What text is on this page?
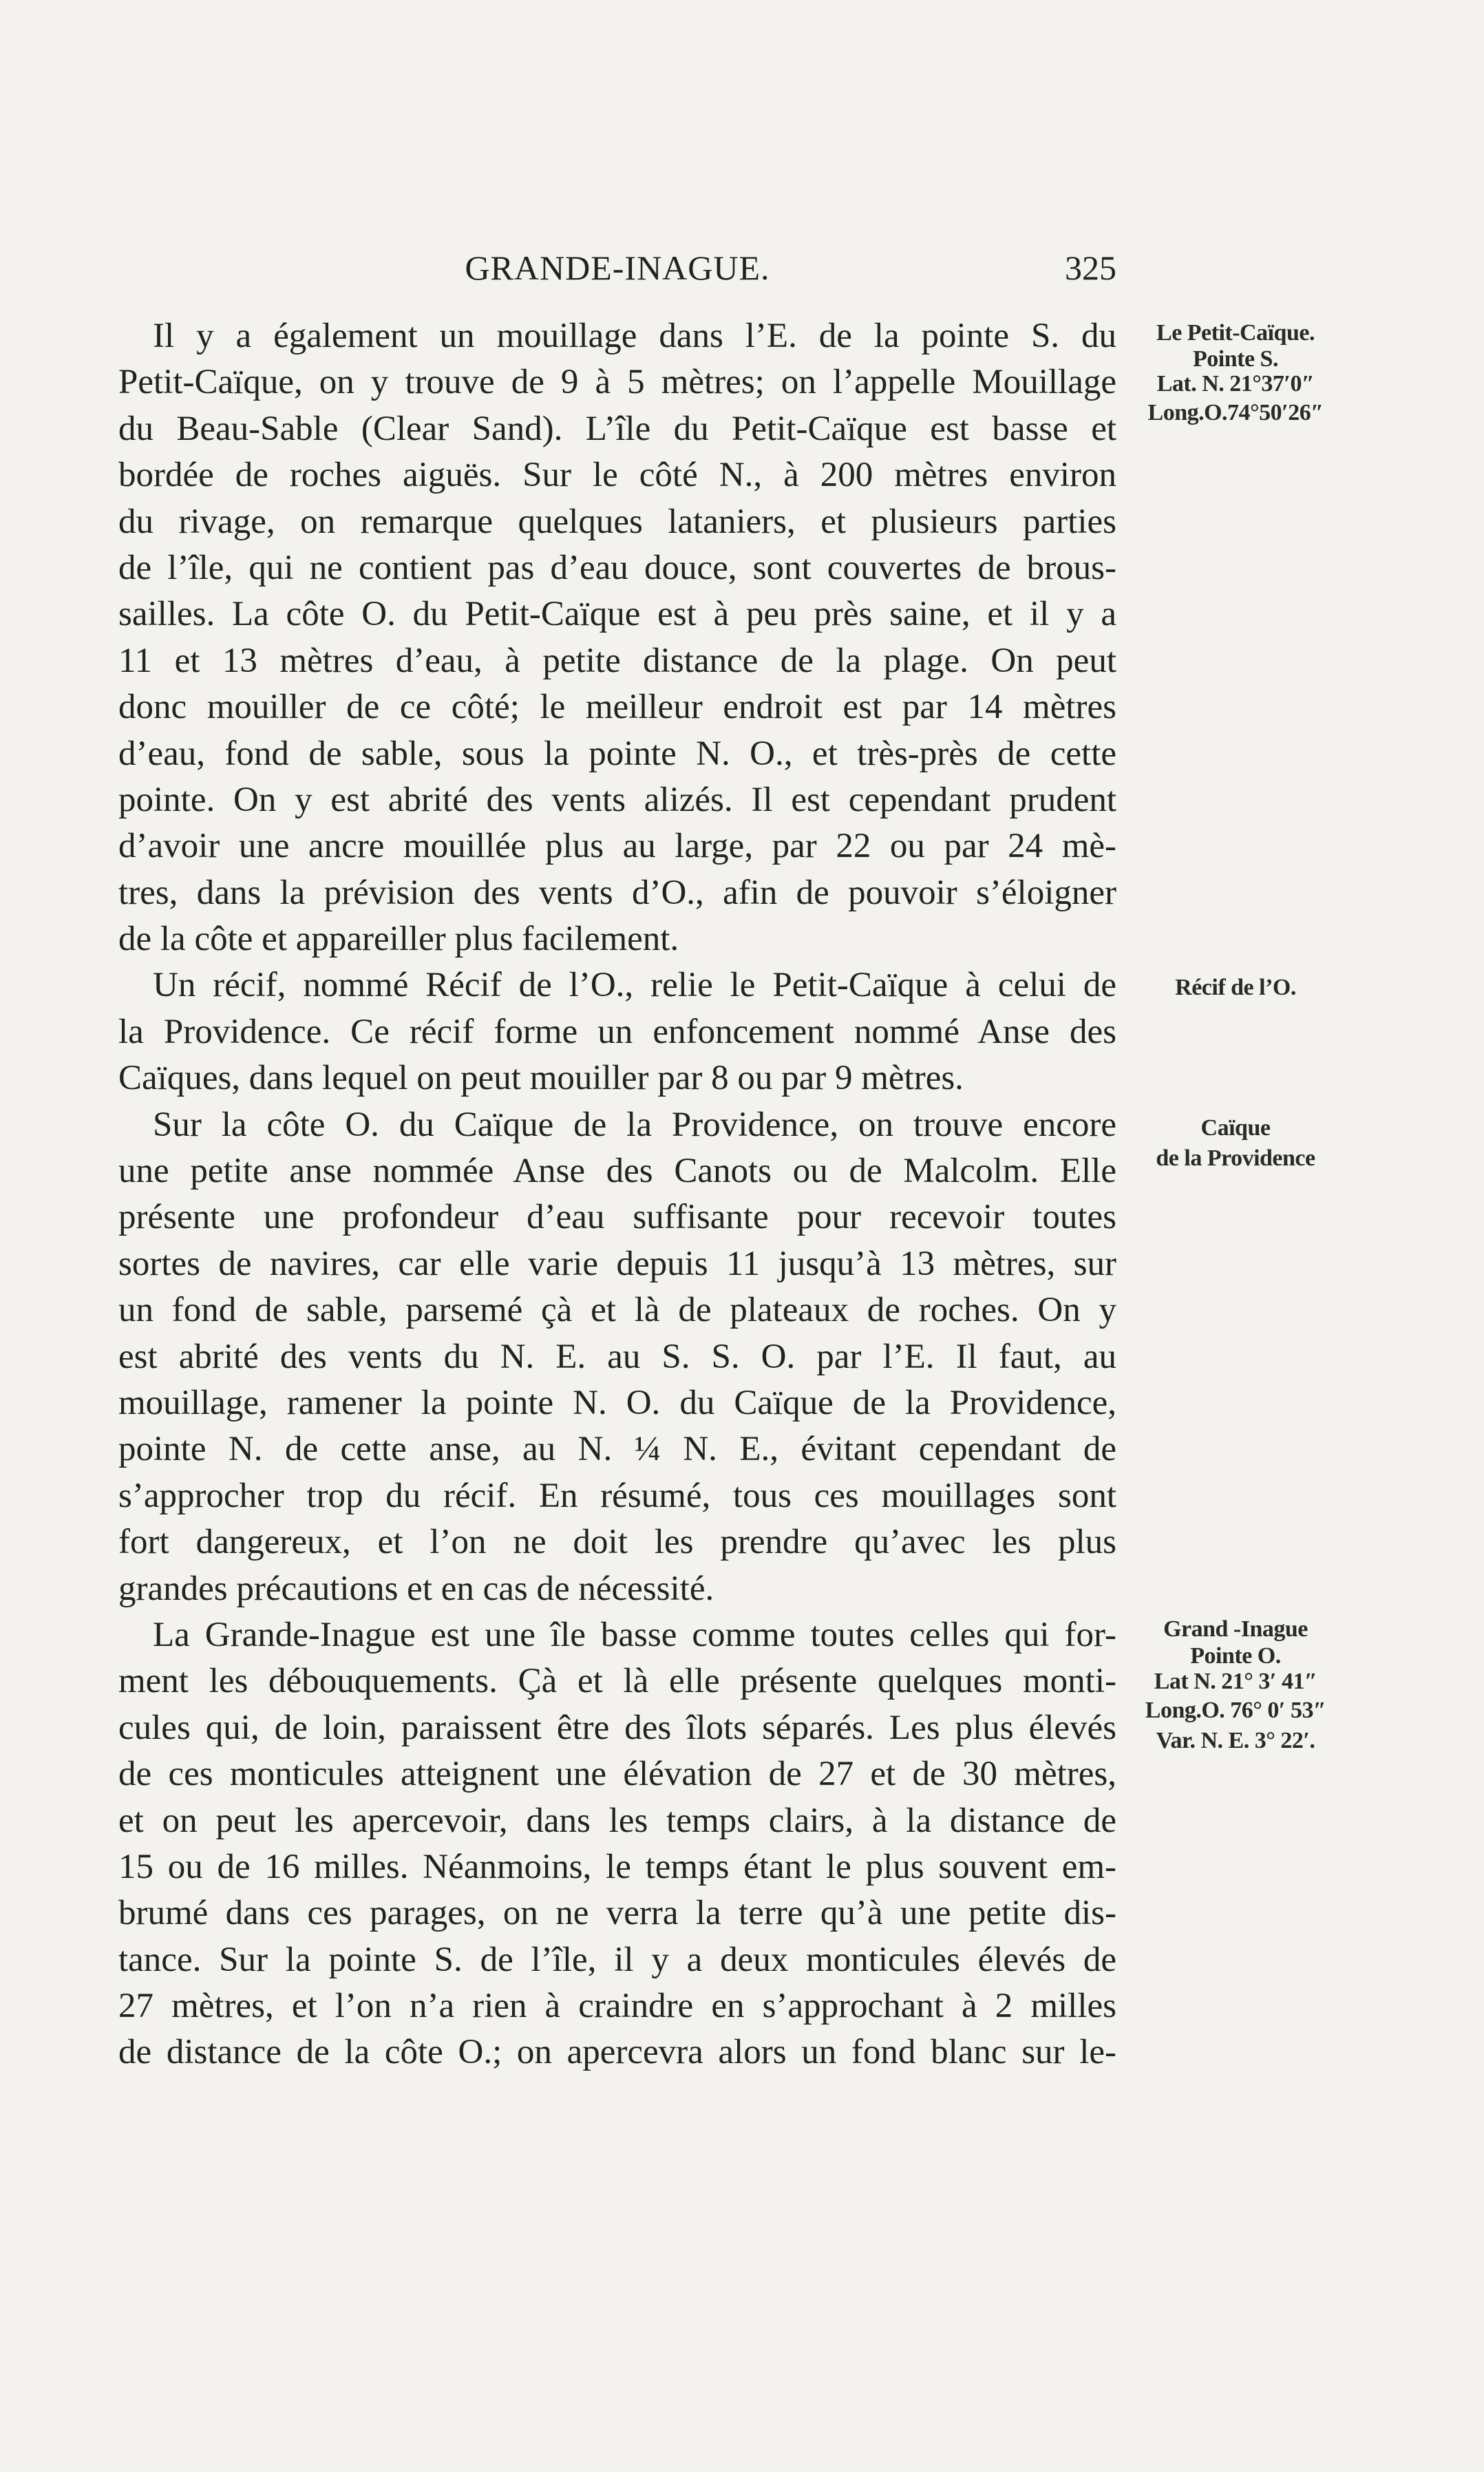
GRANDE-INAGUE.	325
Il y a également un mouillage dans l’E. de la pointe S. du
Petit-Caïque, on y trouve de 9 à 5 mètres; on l’appelle Mouillage
du Beau-Sable (Clear Sand). L’île du Petit-Caïque est basse et
bordée de roches aiguës. Sur le côté N., à 200 mètres environ
du rivage, on remarque quelques lataniers, et plusieurs parties
de l’île, qui ne contient pas d’eau douce, sont couvertes de brous-
sailles. La côte O. du Petit-Caïque est à peu près saine, et il y a
11 et 13 mètres d’eau, à petite distance de la plage. On peut
donc mouiller de ce côté; le meilleur endroit est par 14 mètres
d’eau, fond de sable, sous la pointe N. O., et très-près de cette
pointe. On y est abrité des vents alizés. Il est cependant prudent
d’avoir une ancre mouillée plus au large, par 22 ou par 24 mè-
tres, dans la prévision des vents d’O., afin de pouvoir s’éloigner
de la côte et appareiller plus facilement.
Un récif, nommé Récif de l’O., relie le Petit-Caïque à celui de
la Providence. Ce récif forme un enfoncement nommé Anse des
Caïques, dans lequel on peut mouiller par 8 ou par 9 mètres.
Sur la côte O. du Caïque de la Providence, on trouve encore
une petite anse nommée Anse des Canots ou de Malcolm. Elle
présente une profondeur d’eau suffisante pour recevoir toutes
sortes de navires, car elle varie depuis 11 jusqu’à 13 mètres, sur
un fond de sable, parsemé çà et là de plateaux de roches. On y
est abrité des vents du N. E. au S. S. O. par l’E. Il faut, au
mouillage, ramener la pointe N. O. du Caïque de la Providence,
pointe N. de cette anse, au N. ¼ N. E., évitant cependant de
s’approcher trop du récif. En résumé, tous ces mouillages sont
fort dangereux, et l’on ne doit les prendre qu’avec les plus
grandes précautions et en cas de nécessité.
La Grande-Inague est une île basse comme toutes celles qui for-
ment les débouquements. Çà et là elle présente quelques monti-
cules qui, de loin, paraissent être des îlots séparés. Les plus élevés
de ces monticules atteignent une élévation de 27 et de 30 mètres,
et on peut les apercevoir, dans les temps clairs, à la distance de
15 ou de 16 milles. Néanmoins, le temps étant le plus souvent em-
brumé dans ces parages, on ne verra la terre qu’à une petite dis-
tance. Sur la pointe S. de l’île, il y a deux monticules élevés de
27 mètres, et l’on n’a rien à craindre en s’approchant à 2 milles
de distance de la côte O.; on apercevra alors un fond blanc sur le-
Le Petit-Caïque.
Pointe S.
Lat. N. 21°37′0″
Long.O.74°50′26″
Récif de l’O.
Caïque
de la Providence
Grand -Inague
Pointe O.
Lat N. 21° 3′ 41″
Long.O. 76° 0′ 53″
Var. N. E. 3° 22′.
